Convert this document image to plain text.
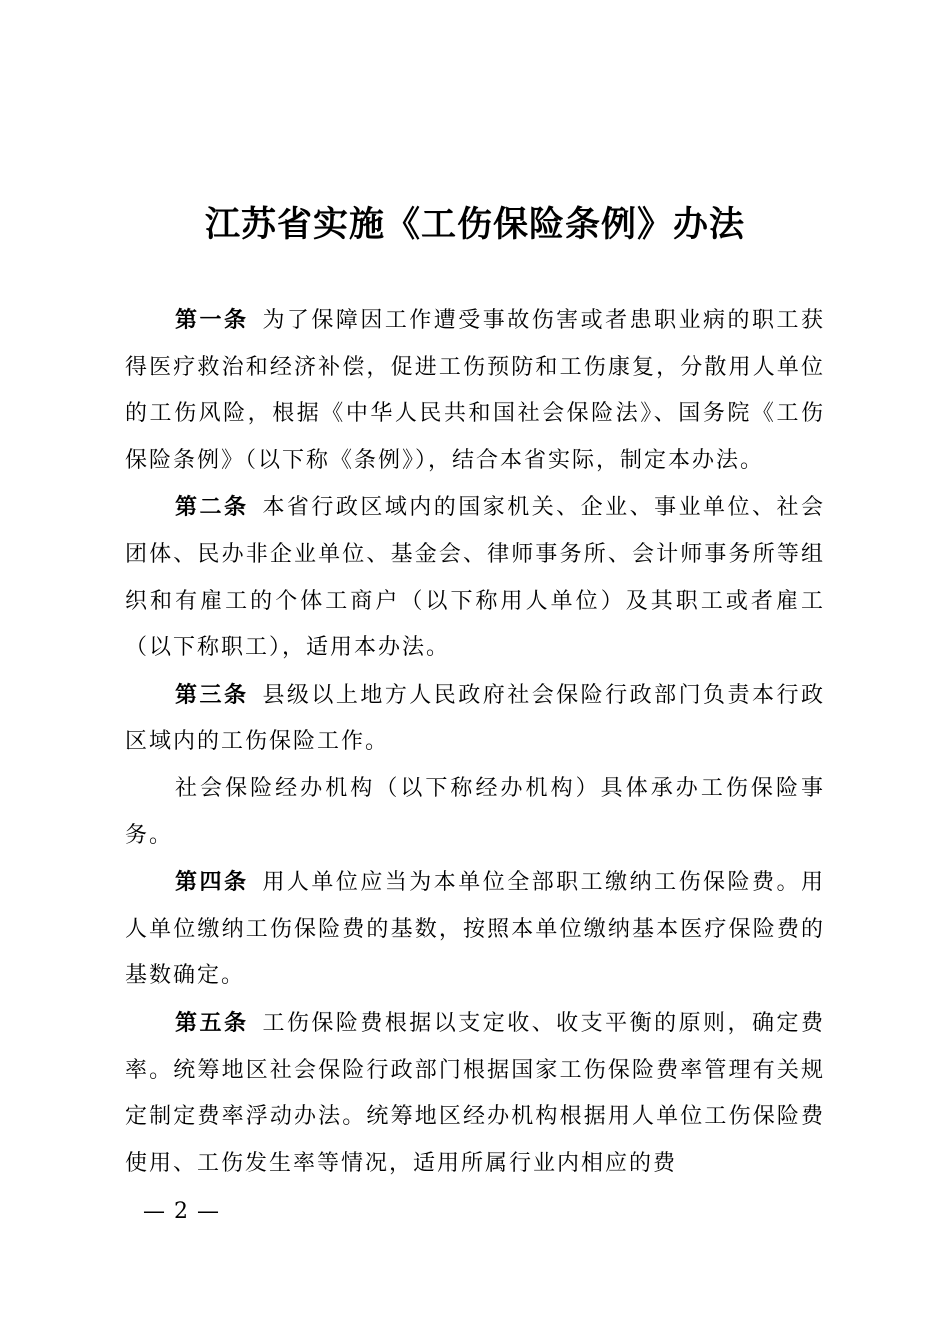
江苏省实施《工伤保险条例》办法

第一条 为了保障因工作遭受事故伤害或者患职业病的职工获得医疗救治和经济补偿，促进工伤预防和工伤康复，分散用人单位的工伤风险，根据《中华人民共和国社会保险法》、国务院《工伤保险条例》（以下称《条例》），结合本省实际，制定本办法。

第二条 本省行政区域内的国家机关、企业、事业单位、社会团体、民办非企业单位、基金会、律师事务所、会计师事务所等组织和有雇工的个体工商户（以下称用人单位）及其职工或者雇工（以下称职工），适用本办法。

第三条 县级以上地方人民政府社会保险行政部门负责本行政区域内的工伤保险工作。

社会保险经办机构（以下称经办机构）具体承办工伤保险事务。

第四条 用人单位应当为本单位全部职工缴纳工伤保险费。用人单位缴纳工伤保险费的基数，按照本单位缴纳基本医疗保险费的基数确定。

第五条 工伤保险费根据以支定收、收支平衡的原则，确定费率。统筹地区社会保险行政部门根据国家工伤保险费率管理有关规定制定费率浮动办法。统筹地区经办机构根据用人单位工伤保险费使用、工伤发生率等情况，适用所属行业内相应的费

— 2 —
